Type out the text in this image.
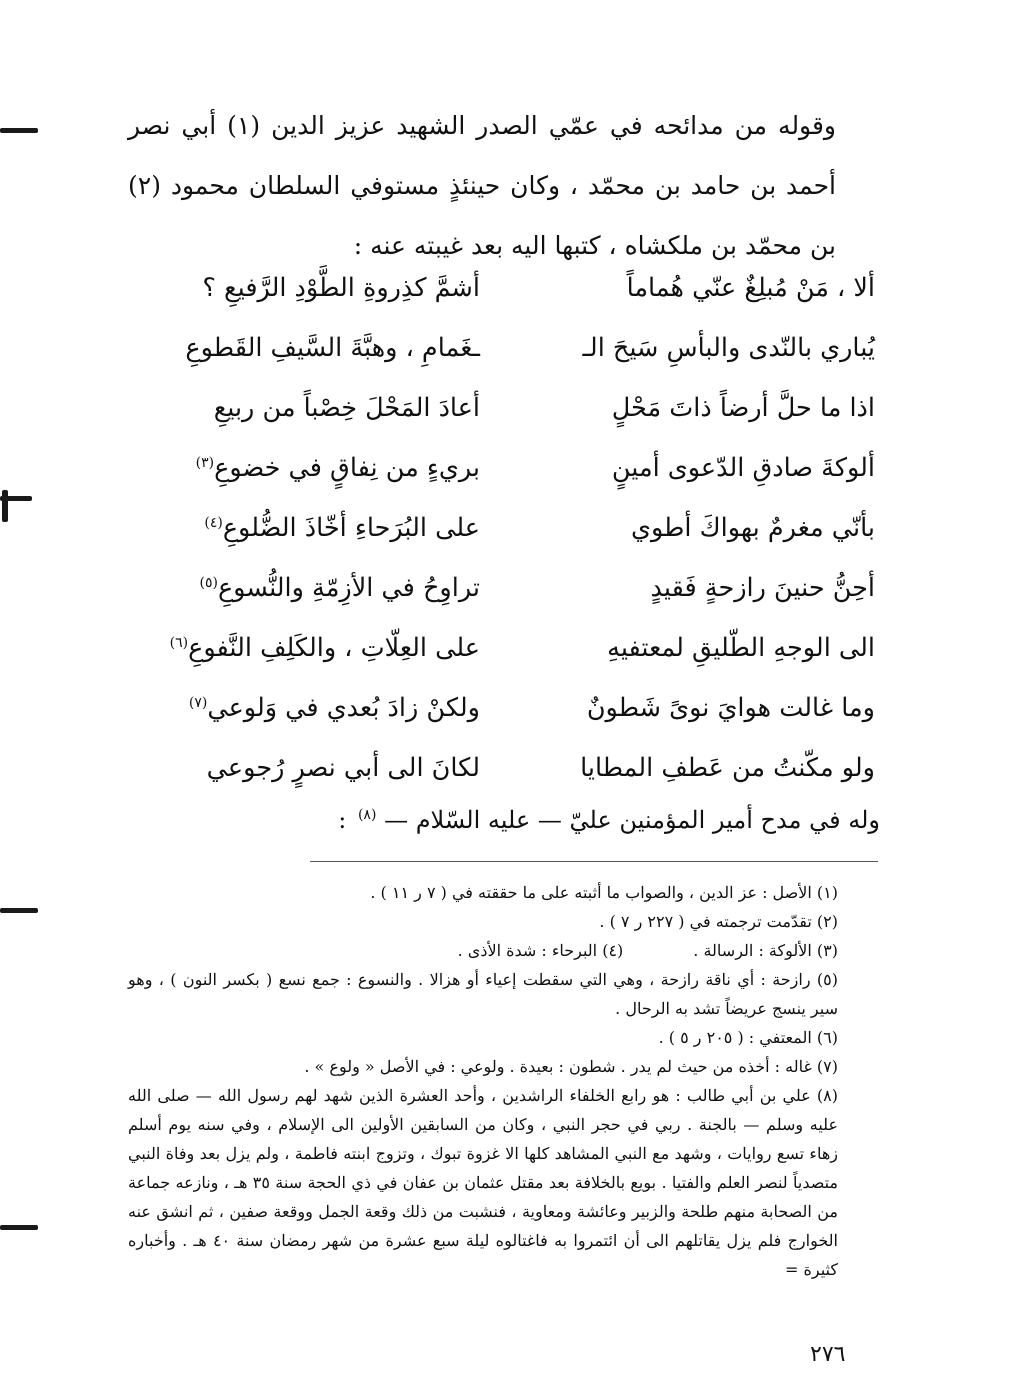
وقوله من مدائحه في عمّي الصدر الشهيد عزيز الدين (١) أبي نصر أحمد بن حامد بن محمّد ، وكان حينئذٍ مستوفي السلطان محمود (٢) بن محمّد بن ملكشاه ، كتبها اليه بعد غيبته عنه :
ألا ، مَنْ مُبلِغٌ عنّي هُماماً
أشمَّ كذِروةِ الطَّوْدِ الرَّفيعِ ؟
يُباري بالنّدى والبأسِ سَيحَ الـ
ـغَمامِ ، وهبَّةَ السَّيفِ القَطوعِ
اذا ما حلَّ أرضاً ذاتَ مَحْلٍ
أعادَ المَحْلَ خِصْباً من ربيعِ
ألوكةَ صادقِ الدّعوى أمينٍ
بريءٍ من نِفاقٍ في خضوعِ$^{(٣)}$
بأنّي مغرمٌ بهواكَ أطوي
على البُرَحاءِ أخّاذَ الضُّلوعِ$^{(٤)}$
أحِنُّ حنينَ رازحةٍ فَقيدٍ
تراوِحُ في الأزِمّةِ والنُّسوعِ$^{(٥)}$
الى الوجهِ الطّليقِ لمعتفيهِ
على العِلّاتِ ، والكَلِفِ النَّفوعِ$^{(٦)}$
وما غالت هوايَ نوىً شَطونٌ
ولكنْ زادَ بُعدي في وَلوعي$^{(٧)}$
ولو مكّنتُ من عَطفِ المطايا
لكانَ الى أبي نصرٍ رُجوعي
وله في مدح أمير المؤمنين عليّ — عليه السّلام — $^{(٨)}$ :

(١) الأصل : عز الدين ، والصواب ما أثبته على ما حققته في ( ٧ ر ١١ ) .

(٢) تقدّمت ترجمته في ( ٢٢٧ ر ٧ ) .

(٣) الألوكة : الرسالة .
(٤) البرحاء : شدة الأذى .

(٥) رازحة : أي ناقة رازحة ، وهي التي سقطت إعياء أو هزالا . والنسوع : جمع نسع ( بكسر النون ) ، وهو سير ينسج عريضاً تشد به الرحال .

(٦) المعتفي : ( ٢٠٥ ر ٥ ) .

(٧) غاله : أخذه من حيث لم يدر . شطون : بعيدة . ولوعي : في الأصل « ولوع » .

(٨) علي بن أبي طالب : هو رابع الخلفاء الراشدين ، وأحد العشرة الذين شهد لهم رسول الله — صلى الله عليه وسلم — بالجنة . ربي في حجر النبي ، وكان من السابقين الأولين الى الإسلام ، وفي سنه يوم أسلم زهاء تسع روايات ، وشهد مع النبي المشاهد كلها الا غزوة تبوك ، وتزوج ابنته فاطمة ، ولم يزل بعد وفاة النبي متصدياً لنصر العلم والفتيا . بويع بالخلافة بعد مقتل عثمان بن عفان في ذي الحجة سنة ٣٥ هـ ، ونازعه جماعة من الصحابة منهم طلحة والزبير وعائشة ومعاوية ، فنشبت من ذلك وقعة الجمل ووقعة صفين ، ثم انشق عنه الخوارج فلم يزل يقاتلهم الى أن ائتمروا به فاغتالوه ليلة سبع عشرة من شهر رمضان سنة ٤٠ هـ . وأخباره كثيرة =

٢٧٦
